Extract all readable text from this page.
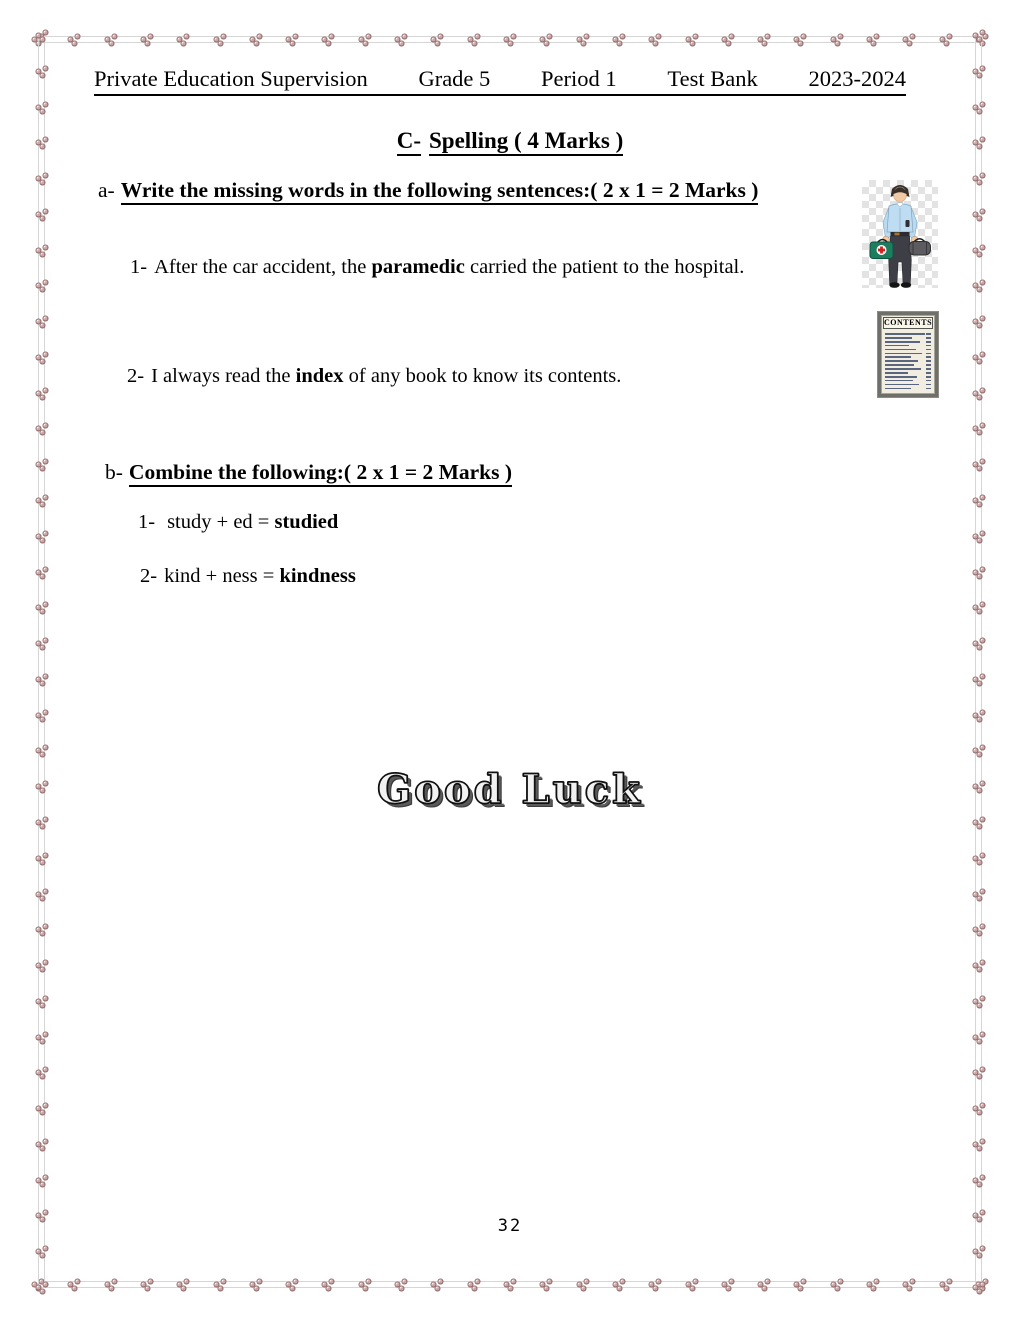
Private Education Supervision Grade 5 Period 1 Test Bank 2023-2024
C- Spelling ( 4 Marks )
a- Write the missing words in the following sentences:( 2 x 1 = 2 Marks )
1- After the car accident, the paramedic carried the patient to the hospital.
2- I always read the index of any book to know its contents.
b- Combine the following:( 2 x 1 = 2 Marks )
1- study + ed = studied
2- kind + ness = kindness
Good Luck
32
CONTENTS
